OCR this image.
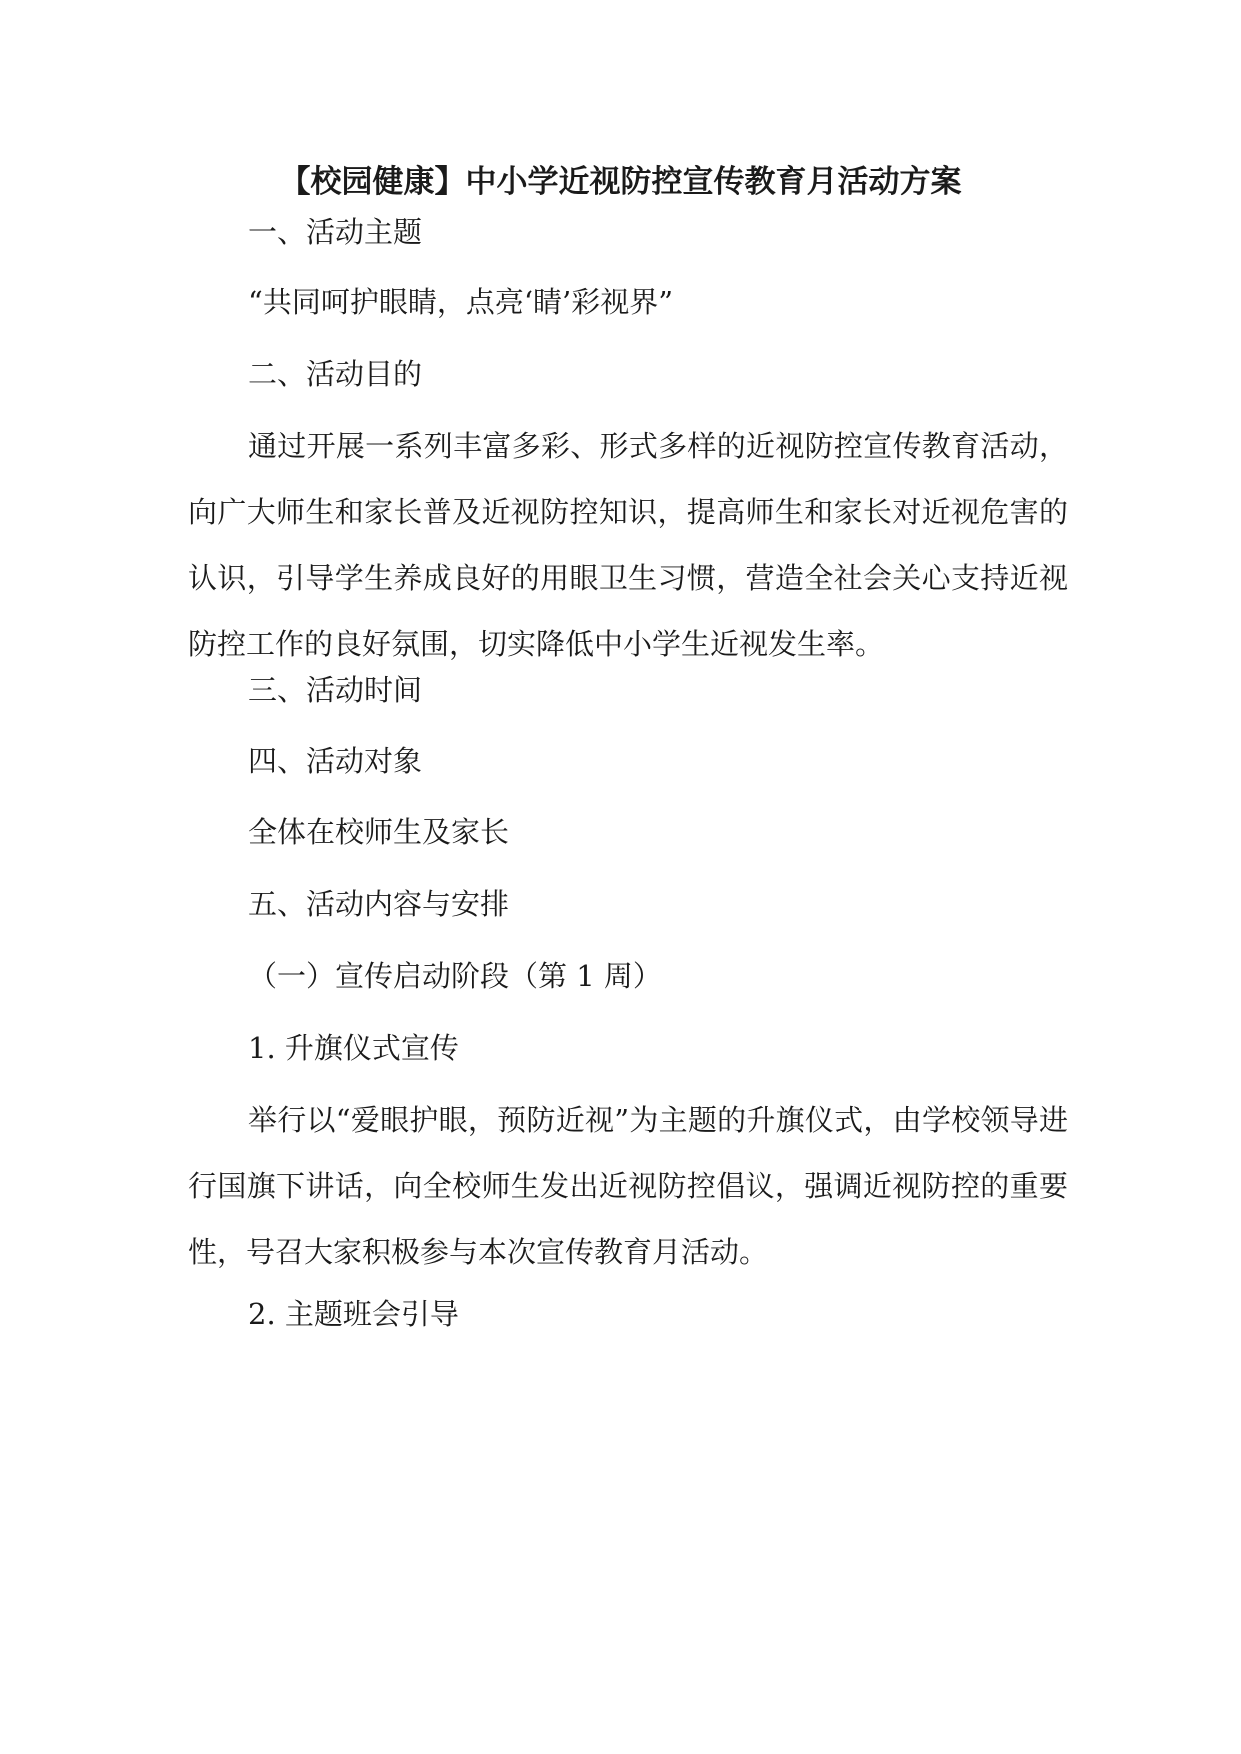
【校园健康】中小学近视防控宣传教育月活动方案

一、活动主题

“共同呵护眼睛，点亮‘睛’彩视界”

二、活动目的

通过开展一系列丰富多彩、形式多样的近视防控宣传教育活动，向广大师生和家长普及近视防控知识，提高师生和家长对近视危害的认识，引导学生养成良好的用眼卫生习惯，营造全社会关心支持近视防控工作的良好氛围，切实降低中小学生近视发生率。

三、活动时间

四、活动对象

全体在校师生及家长

五、活动内容与安排

（一）宣传启动阶段（第 1 周）

1. 升旗仪式宣传

举行以“爱眼护眼，预防近视”为主题的升旗仪式，由学校领导进行国旗下讲话，向全校师生发出近视防控倡议，强调近视防控的重要性，号召大家积极参与本次宣传教育月活动。

2. 主题班会引导
